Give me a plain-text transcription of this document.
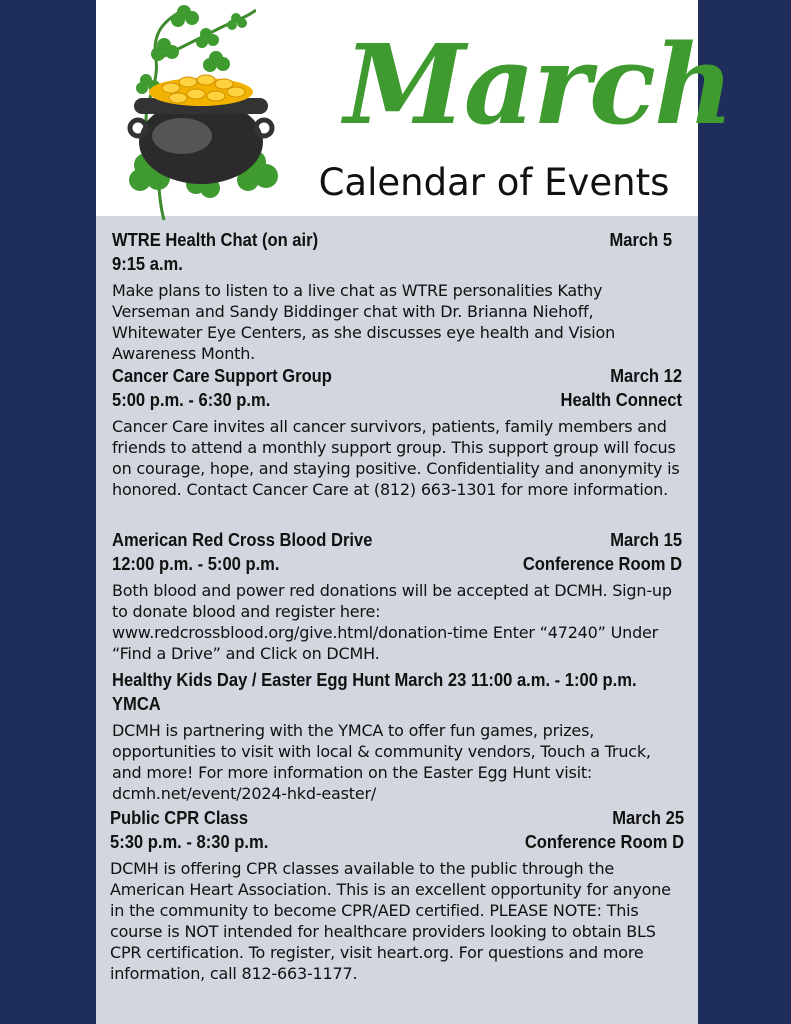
March
Calendar of Events
WTRE Health Chat (on air)	March 5
9:15 a.m.
Make plans to listen to a live chat as WTRE personalities Kathy Verseman and Sandy Biddinger chat with Dr. Brianna Niehoff, Whitewater Eye Centers, as she discusses eye health and Vision Awareness Month.
Cancer Care Support Group	March 12
5:00 p.m. - 6:30 p.m.	Health Connect
Cancer Care invites all cancer survivors, patients, family members and friends to attend a monthly support group. This support group will focus on courage, hope, and staying positive. Confidentiality and anonymity is honored. Contact Cancer Care at (812) 663-1301 for more information.
American Red Cross Blood Drive	March 15
12:00 p.m. - 5:00 p.m.	Conference Room D
Both blood and power red donations will be accepted at DCMH. Sign-up to donate blood and register here: www.redcrossblood.org/give.html/donation-time Enter “47240” Under “Find a Drive” and Click on DCMH.
Healthy Kids Day / Easter Egg Hunt March 23 11:00 a.m. - 1:00 p.m. YMCA
DCMH is partnering with the YMCA to offer fun games, prizes, opportunities to visit with local & community vendors, Touch a Truck, and more! For more information on the Easter Egg Hunt visit: dcmh.net/event/2024-hkd-easter/
Public CPR Class	March 25
5:30 p.m. - 8:30 p.m.	Conference Room D
DCMH is offering CPR classes available to the public through the American Heart Association. This is an excellent opportunity for anyone in the community to become CPR/AED certified. PLEASE NOTE: This course is NOT intended for healthcare providers looking to obtain BLS CPR certification. To register, visit heart.org. For questions and more information, call 812-663-1177.
